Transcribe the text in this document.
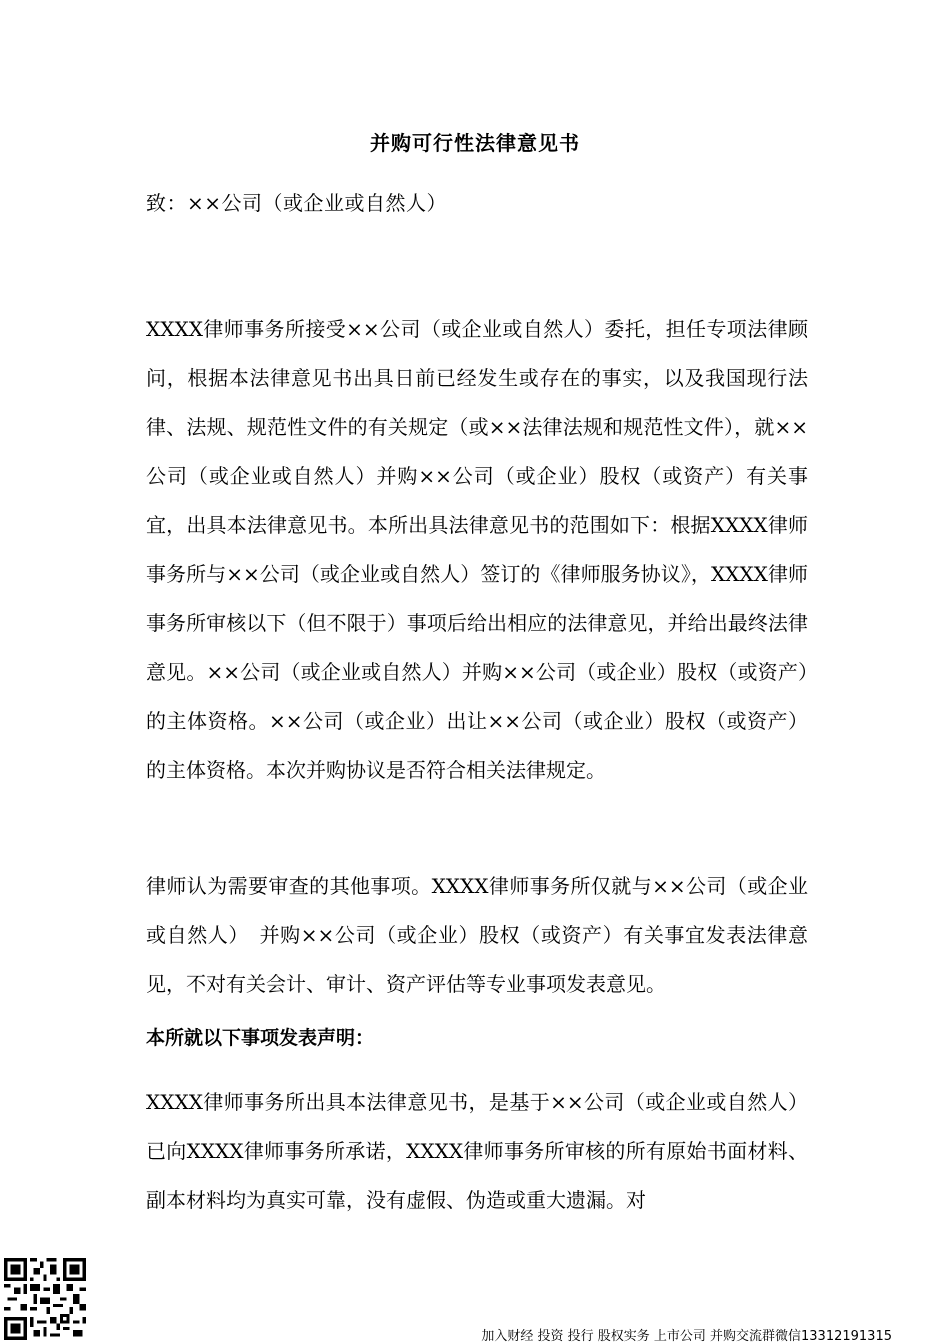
并购可行性法律意见书
致：××公司（或企业或自然人）

XXXX律师事务所接受××公司（或企业或自然人）委托，担任专项法律顾问，根据本法律意见书出具日前已经发生或存在的事实，以及我国现行法律、法规、规范性文件的有关规定（或××法律法规和规范性文件），就××公司（或企业或自然人）并购××公司（或企业）股权（或资产）有关事宜，出具本法律意见书。本所出具法律意见书的范围如下：根据XXXX律师事务所与××公司（或企业或自然人）签订的《律师服务协议》，XXXX律师事务所审核以下（但不限于）事项后给出相应的法律意见，并给出最终法律意见。××公司（或企业或自然人）并购××公司（或企业）股权（或资产）的主体资格。××公司（或企业）出让××公司（或企业）股权（或资产）的主体资格。本次并购协议是否符合相关法律规定。

律师认为需要审查的其他事项。XXXX律师事务所仅就与××公司（或企业或自然人）　并购××公司（或企业）股权（或资产）有关事宜发表法律意见，不对有关会计、审计、资产评估等专业事项发表意见。

本所就以下事项发表声明：

XXXX律师事务所出具本法律意见书，是基于××公司（或企业或自然人）已向XXXX律师事务所承诺，XXXX律师事务所审核的所有原始书面材料、副本材料均为真实可靠，没有虚假、伪造或重大遗漏。对

加入财经 投资 投行 股权实务 上市公司 并购交流群微信13312191315
